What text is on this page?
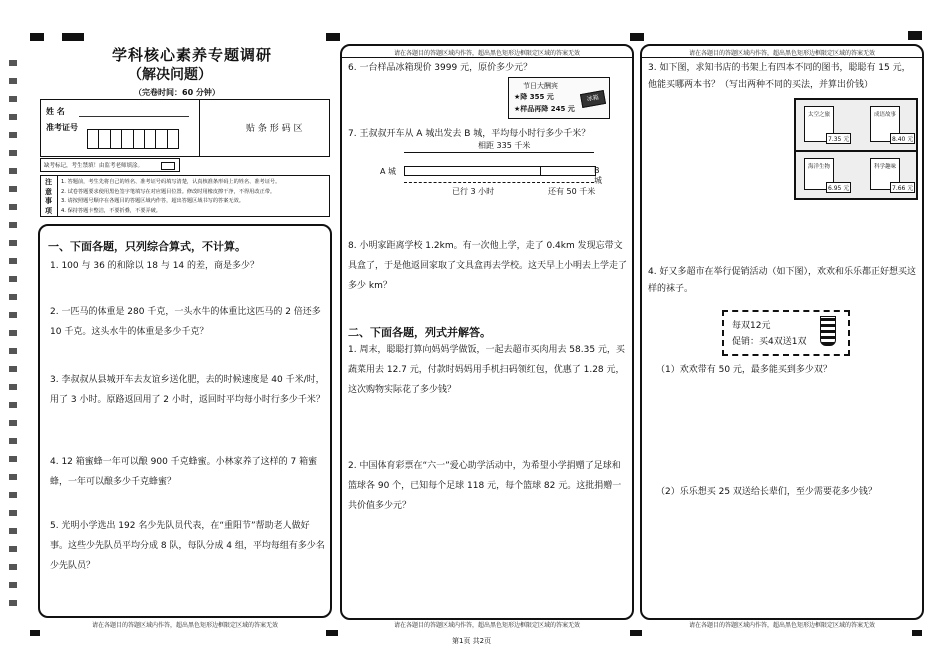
学科核心素养专题调研
（解决问题）
（完卷时间：60 分钟）
姓 名
准考证号	贴 条 形 码 区
缺考标记，考生禁填！由监考老师填涂。
注
意
事
项
1. 答题前，考生先将自己的姓名、准考证号码填写清楚，认真核准条形码上的姓名、准考证号。
2. 试卷答题要求使用黑色签字笔填写在对应题目位置。修改时用橡皮擦干净，不得用改正带。
3. 请按照题号顺序在各题目的答题区域内作答，超出答题区域书写的答案无效。
4. 保持答题卡整洁，不要折叠，不要弄破。
一、下面各题，只列综合算式，不计算。
1. 100 与 36 的和除以 18 与 14 的差，商是多少？
2. 一匹马的体重是 280 千克，一头水牛的体重比这匹马的 2 倍还多 10 千克。这头水牛的体重是多少千克？
3. 李叔叔从县城开车去友谊乡送化肥，去的时候速度是 40 千米/时，用了 3 小时。原路返回用了 2 小时，返回时平均每小时行多少千米？
4. 12 箱蜜蜂一年可以酿 900 千克蜂蜜。小林家养了这样的 7 箱蜜蜂，一年可以酿多少千克蜂蜜？
5. 光明小学选出 192 名少先队员代表，在“重阳节”帮助老人做好事。这些少先队员平均分成 8 队，每队分成 4 组，平均每组有多少名少先队员？
请在各题目的答题区域内作答，超出黑色矩形边框限定区域的答案无效
请在各题目的答题区域内作答，超出黑色矩形边框限定区域的答案无效
6. 一台样品冰箱现价 3999 元，原价多少元？
节日大酬宾
★降 355 元
★样品再降 245 元
冰箱
7. 王叔叔开车从 A 城出发去 B 城，平均每小时行多少千米？
相距 335 千米
A 城	B 城
已行 3 小时	还有 50 千米
8. 小明家距离学校 1.2km。有一次他上学，走了 0.4km 发现忘带文具盒了，于是他返回家取了文具盒再去学校。这天早上小明去上学走了多少 km？
二、下面各题，列式并解答。
1. 周末，聪聪打算向妈妈学做饭，一起去超市买肉用去 58.35 元，买蔬菜用去 12.7 元，付款时妈妈用手机扫码领红包，优惠了 1.28 元，这次购物实际花了多少钱？
2. 中国体育彩票在“六一”爱心助学活动中，为希望小学捐赠了足球和篮球各 90 个，已知每个足球 118 元，每个篮球 82 元。这批捐赠一共价值多少元？
请在各题目的答题区域内作答，超出黑色矩形边框限定区域的答案无效
请在各题目的答题区域内作答，超出黑色矩形边框限定区域的答案无效
3. 如下图，求知书店的书架上有四本不同的图书，聪聪有 15 元，他能买哪两本书？（写出两种不同的买法，并算出价钱）
太空之旅
7.35 元
成语故事
8.40 元
海洋生物
6.95 元
科学趣味
7.66 元
4. 好又多超市在举行促销活动（如下图），欢欢和乐乐都正好想买这样的袜子。
每双12元
促销：买4双送1双
（1）欢欢带有 50 元，最多能买到多少双？
（2）乐乐想买 25 双送给长辈们，至少需要花多少钱？
请在各题目的答题区域内作答，超出黑色矩形边框限定区域的答案无效
第1页 共2页
